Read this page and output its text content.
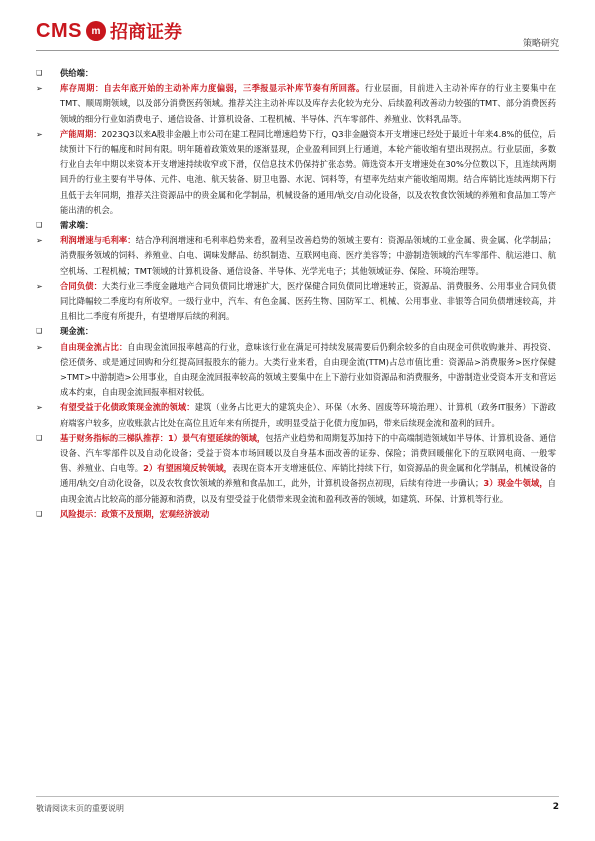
CMS m 招商证券
策略研究
❑	供给端：
➢	库存周期：自去年底开始的主动补库力度偏弱，三季报显示补库节奏有所回落。行业层面，目前进入主动补库存的行业主要集中在TMT、顺周期领域，以及部分消费医药领域。推荐关注主动补库以及库存去化较为充分、后续盈利改善动力较强的TMT、部分消费医药领域的细分行业如消费电子、通信设备、计算机设备、工程机械、半导体、汽车零部件、养殖业、饮料乳品等。
➢	产能周期：2023Q3以来A股非金融上市公司在建工程同比增速趋势下行，Q3非金融资本开支增速已经处于最近十年来4.8%的低位，后续预计下行的幅度和时间有限。明年随着政策效果的逐渐显现，企业盈利回到上行通道，本轮产能收缩有望出现拐点。行业层面，多数行业自去年中期以来资本开支增速持续收窄或下滑，仅信息技术仍保持扩张态势。筛选资本开支增速处在30%分位数以下，且连续两期回升的行业主要有半导体、元件、电池、航天装备、厨卫电器、水泥、饲料等，有望率先结束产能收缩周期。结合库销比连续两期下行且低于去年同期，推荐关注资源品中的贵金属和化学制品，机械设备的通用/轨交/自动化设备，以及农牧食饮领域的养殖和食品加工等产能出清的机会。
❑	需求端：
➢	利润增速与毛利率：结合净利润增速和毛利率趋势来看，盈利呈改善趋势的领域主要有：资源品领域的工业金属、贵金属、化学制品；消费服务领域的饲料、养殖业、白电、调味发酵品、纺织制造、互联网电商、医疗美容等；中游制造领域的汽车零部件、航运港口、航空机场、工程机械；TMT领域的计算机设备、通信设备、半导体、光学光电子；其他领域证券、保险、环境治理等。
➢	合同负债：大类行业三季度金融地产合同负债同比增速扩大，医疗保健合同负债同比增速转正，资源品、消费服务、公用事业合同负债同比降幅较二季度均有所收窄。一级行业中，汽车、有色金属、医药生物、国防军工、机械、公用事业、非银等合同负债增速较高，并且相比二季度有所提升，有望增厚后续的利润。
❑	现金流：
➢	自由现金流占比：自由现金流回报率越高的行业，意味该行业在满足可持续发展需要后仍剩余较多的自由现金可供收购兼并、再投资、偿还债务、或是通过回购和分红提高回报股东的能力。大类行业来看，自由现金流(TTM)占总市值比重：资源品>消费服务>医疗保健>TMT>中游制造>公用事业，自由现金流回报率较高的领域主要集中在上下游行业如资源品和消费服务，中游制造业受资本开支和营运成本约束，自由现金流回报率相对较低。
➢	有望受益于化债政策现金流的领域：建筑（业务占比更大的建筑央企）、环保（水务、固废等环境治理）、计算机（政务IT服务）下游政府端客户较多，应收账款占比处在高位且近年来有所提升，或明显受益于化债力度加码，带来后续现金流和盈利的回升。
❑	基于财务指标的三梯队推荐：1）景气有望延续的领域，包括产业趋势和周期复苏加持下的中高端制造领域如半导体、计算机设备、通信设备、汽车零部件以及自动化设备；受益于资本市场回暖以及自身基本面改善的证券、保险；消费回暖催化下的互联网电商、一般零售、养殖业、白电等。2）有望困境反转领域，表现在资本开支增速低位、库销比持续下行，如资源品的贵金属和化学制品，机械设备的通用/轨交/自动化设备，以及农牧食饮领域的养殖和食品加工，此外，计算机设备拐点初现，后续有待进一步确认；3）现金牛领域，自由现金流占比较高的部分能源和消费，以及有望受益于化债带来现金流和盈利改善的领域，如建筑、环保、计算机等行业。
❑	风险提示：政策不及预期，宏观经济波动
敬请阅读末页的重要说明	2
